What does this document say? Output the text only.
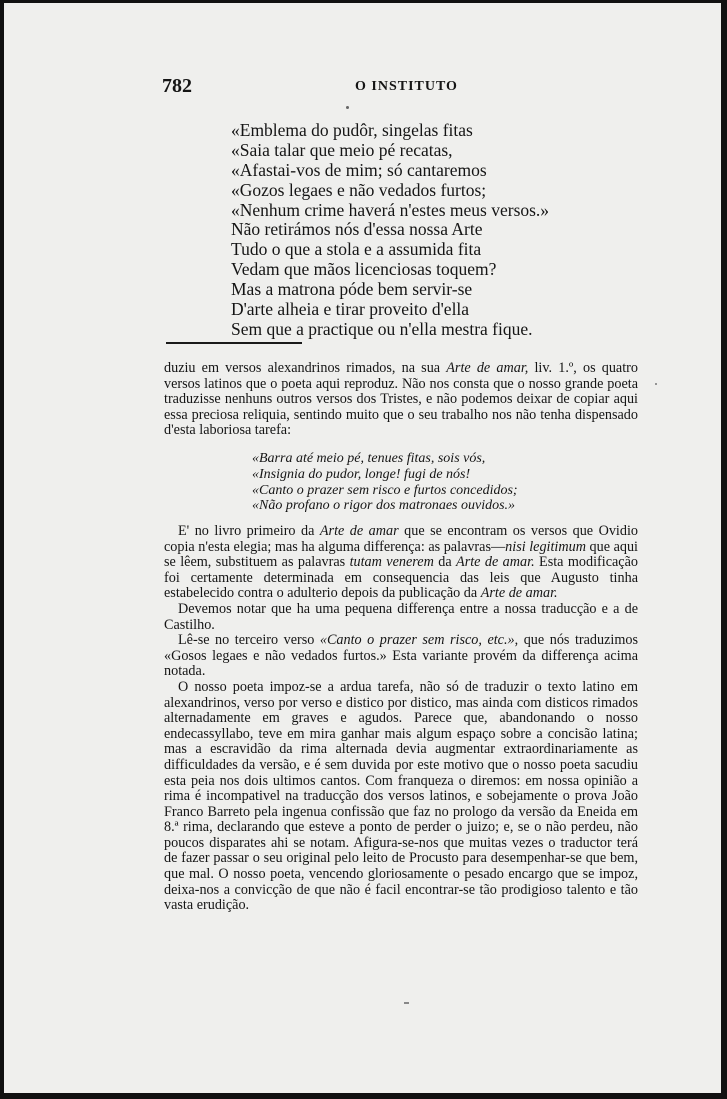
782	O INSTITUTO
«Emblema do pudôr, singelas fitas
«Saia talar que meio pé recatas,
«Afastai-vos de mim; só cantaremos
«Gozos legaes e não vedados furtos;
«Nenhum crime haverá n'estes meus versos.»
Não retirámos nós d'essa nossa Arte
Tudo o que a stola e a assumida fita
Vedam que mãos licenciosas toquem?
Mas a matrona póde bem servir-se
D'arte alheia e tirar proveito d'ella
Sem que a practique ou n'ella mestra fique.

duziu em versos alexandrinos rimados, na sua Arte de amar, liv. 1.º, os quatro versos latinos que o poeta aqui reproduz. Não nos consta que o nosso grande poeta traduzisse nenhuns outros versos dos Tristes, e não podemos deixar de copiar aqui essa preciosa reliquia, sentindo muito que o seu trabalho nos não tenha dispensado d'esta laboriosa tarefa:

«Barra até meio pé, tenues fitas, sois vós,
«Insignia do pudor, longe! fugi de nós!
«Canto o prazer sem risco e furtos concedidos;
«Não profano o rigor dos matronaes ouvidos.»

E' no livro primeiro da Arte de amar que se encontram os versos que Ovidio copia n'esta elegia; mas ha alguma differença: as palavras—nisi legitimum que aqui se lêem, substituem as palavras tutam venerem da Arte de amar. Esta modificação foi certamente determinada em consequencia das leis que Augusto tinha estabelecido contra o adulterio depois da publicação da Arte de amar.

Devemos notar que ha uma pequena differença entre a nossa traducção e a de Castilho.

Lê-se no terceiro verso «Canto o prazer sem risco, etc.», que nós traduzimos «Gosos legaes e não vedados furtos.» Esta variante provém da differença acima notada.

O nosso poeta impoz-se a ardua tarefa, não só de traduzir o texto latino em alexandrinos, verso por verso e distico por distico, mas ainda com disticos rimados alternadamente em graves e agudos. Parece que, abandonando o nosso endecassyllabo, teve em mira ganhar mais algum espaço sobre a concisão latina; mas a escravidão da rima alternada devia augmentar extraordinariamente as difficuldades da versão, e é sem duvida por este motivo que o nosso poeta sacudiu esta peia nos dois ultimos cantos. Com franqueza o diremos: em nossa opinião a rima é incompativel na traducção dos versos latinos, e sobejamente o prova João Franco Barreto pela ingenua confissão que faz no prologo da versão da Eneida em 8.ª rima, declarando que esteve a ponto de perder o juizo; e, se o não perdeu, não poucos disparates ahi se notam. Afigura-se-nos que muitas vezes o traductor terá de fazer passar o seu original pelo leito de Procusto para desempenhar-se que bem, que mal. O nosso poeta, vencendo gloriosamente o pesado encargo que se impoz, deixa-nos a convicção de que não é facil encontrar-se tão prodigioso talento e tão vasta erudição.
